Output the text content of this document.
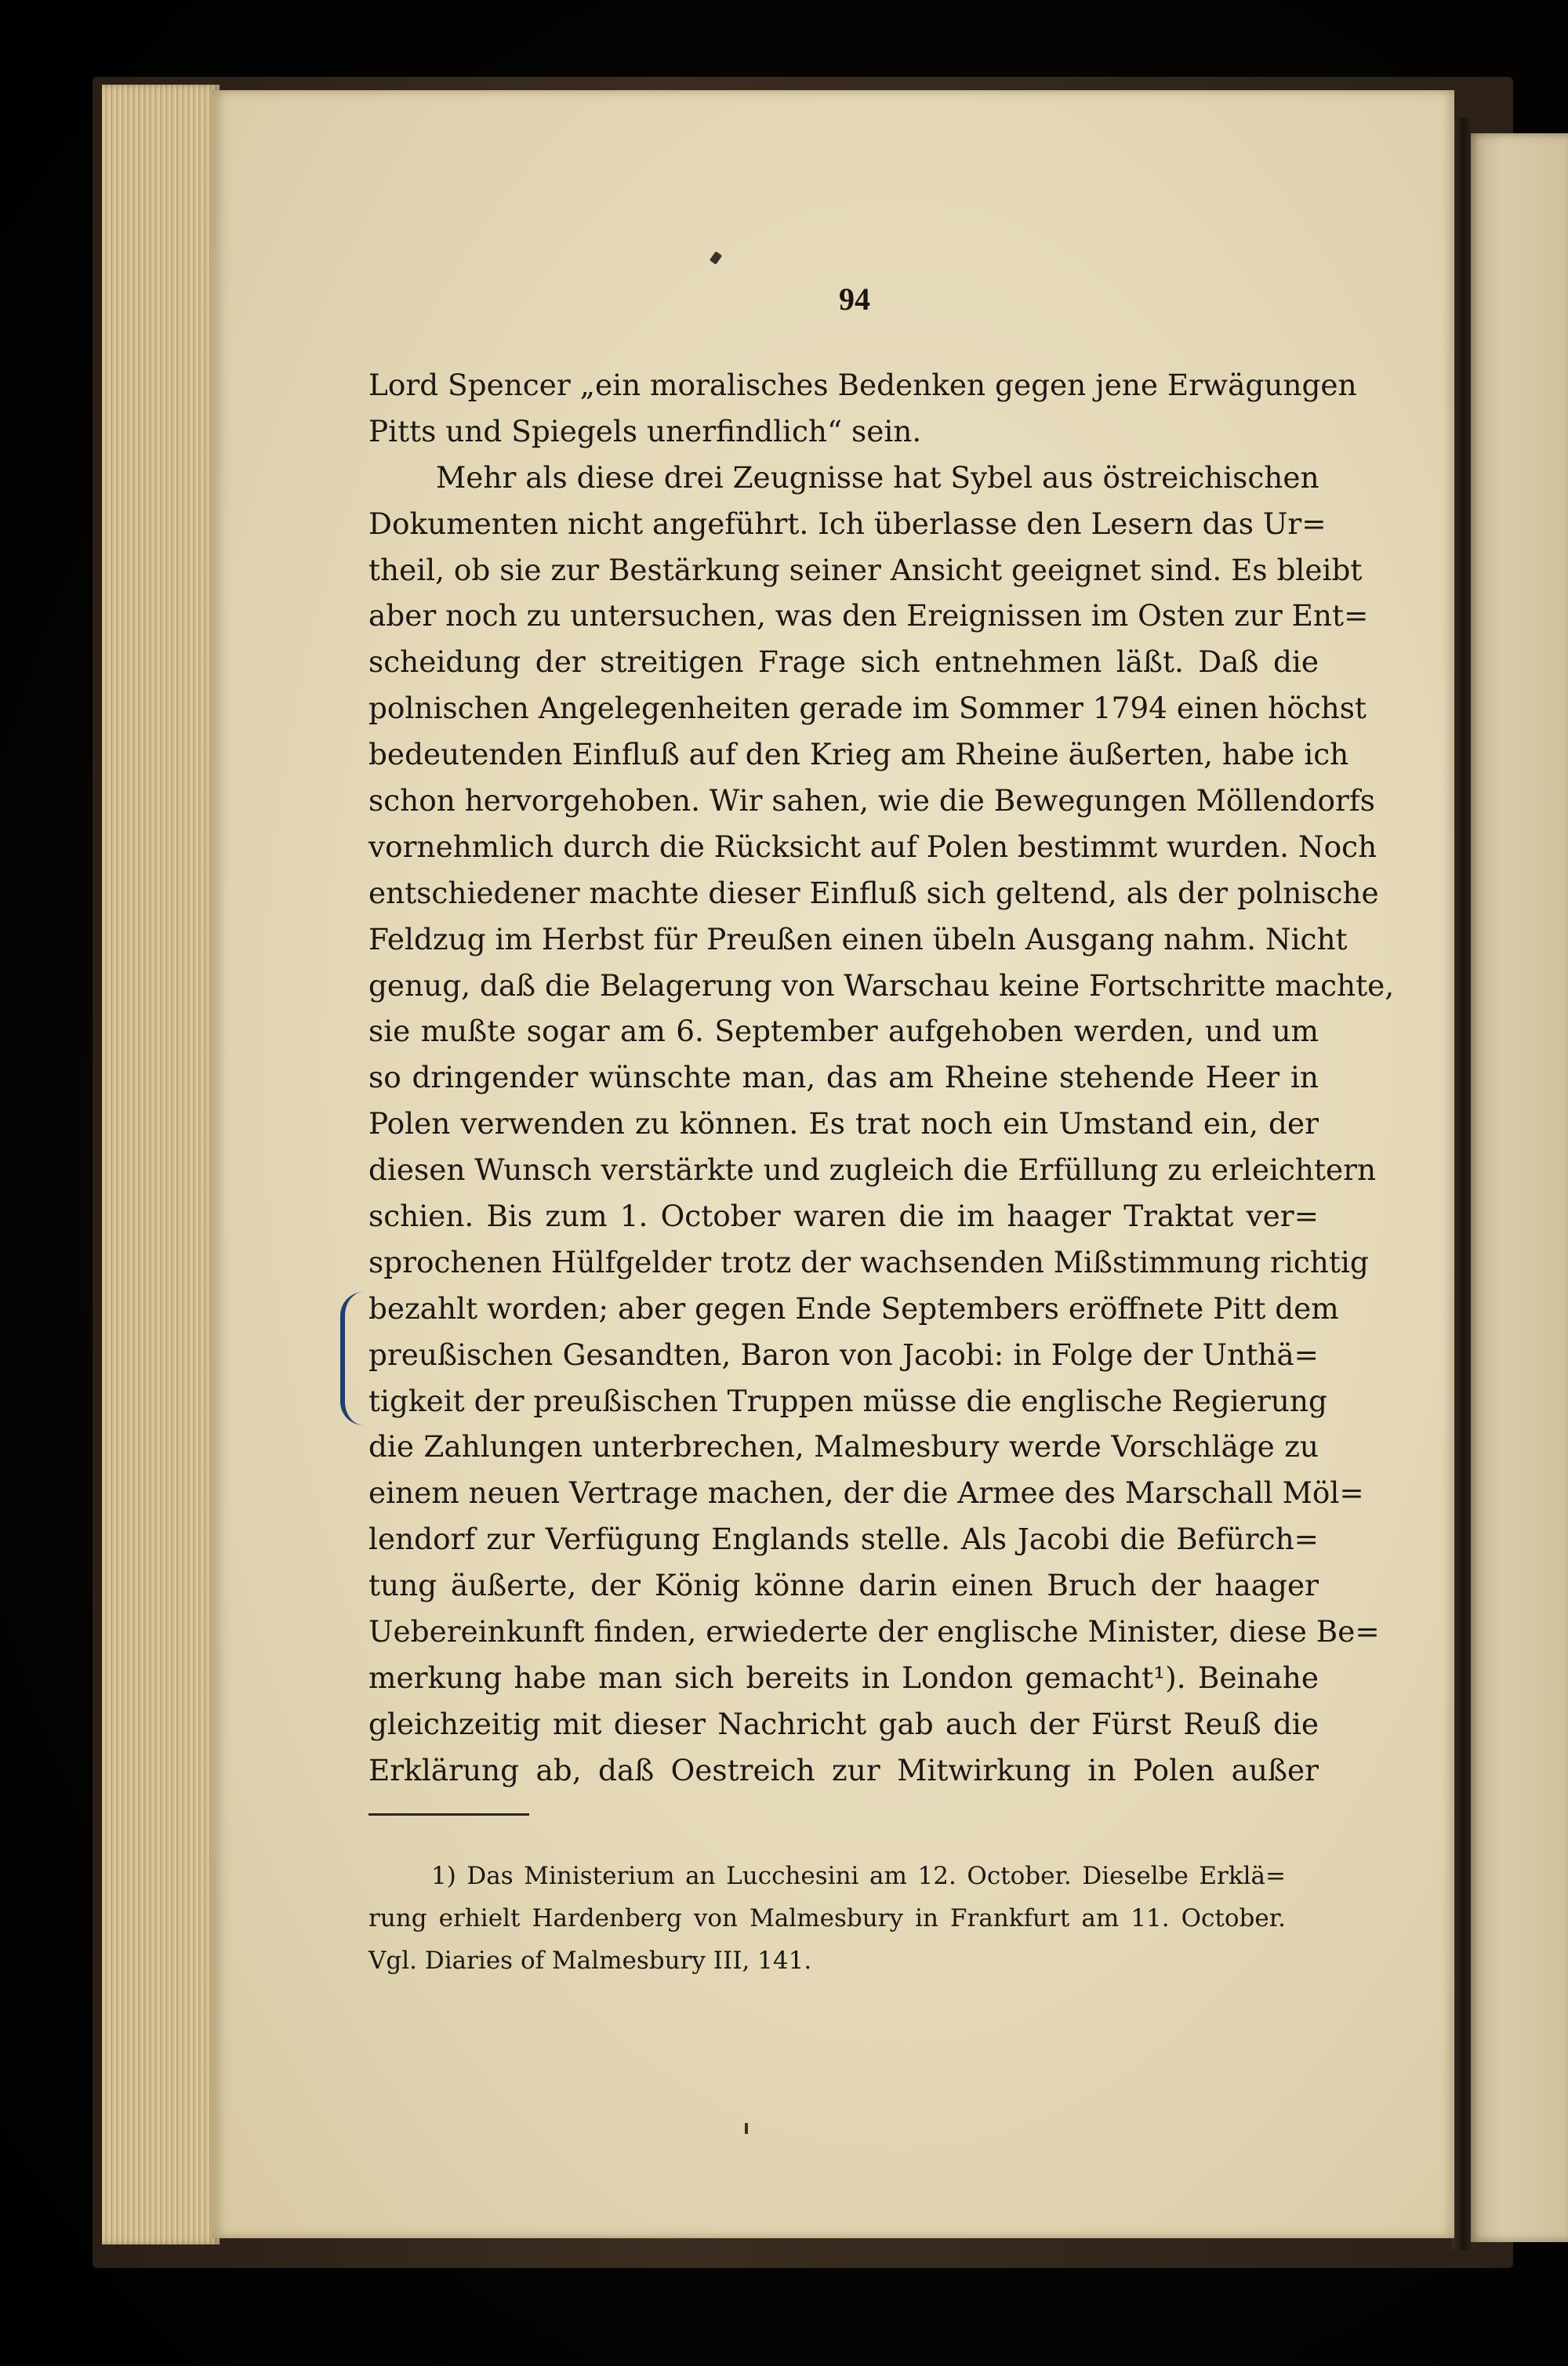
94
Lord Spencer „ein moralisches Bedenken gegen jene Erwägungen
Pitts und Spiegels unerfindlich“ sein.
Mehr als diese drei Zeugnisse hat Sybel aus östreichischen
Dokumenten nicht angeführt. Ich überlasse den Lesern das Ur=
theil, ob sie zur Bestärkung seiner Ansicht geeignet sind. Es bleibt
aber noch zu untersuchen, was den Ereignissen im Osten zur Ent=
scheidung der streitigen Frage sich entnehmen läßt. Daß die
polnischen Angelegenheiten gerade im Sommer 1794 einen höchst
bedeutenden Einfluß auf den Krieg am Rheine äußerten, habe ich
schon hervorgehoben. Wir sahen, wie die Bewegungen Möllendorfs
vornehmlich durch die Rücksicht auf Polen bestimmt wurden. Noch
entschiedener machte dieser Einfluß sich geltend, als der polnische
Feldzug im Herbst für Preußen einen übeln Ausgang nahm. Nicht
genug, daß die Belagerung von Warschau keine Fortschritte machte,
sie mußte sogar am 6. September aufgehoben werden, und um
so dringender wünschte man, das am Rheine stehende Heer in
Polen verwenden zu können. Es trat noch ein Umstand ein, der
diesen Wunsch verstärkte und zugleich die Erfüllung zu erleichtern
schien. Bis zum 1. October waren die im haager Traktat ver=
sprochenen Hülfgelder trotz der wachsenden Mißstimmung richtig
bezahlt worden; aber gegen Ende Septembers eröffnete Pitt dem
preußischen Gesandten, Baron von Jacobi: in Folge der Unthä=
tigkeit der preußischen Truppen müsse die englische Regierung
die Zahlungen unterbrechen, Malmesbury werde Vorschläge zu
einem neuen Vertrage machen, der die Armee des Marschall Möl=
lendorf zur Verfügung Englands stelle. Als Jacobi die Befürch=
tung äußerte, der König könne darin einen Bruch der haager
Uebereinkunft finden, erwiederte der englische Minister, diese Be=
merkung habe man sich bereits in London gemacht¹). Beinahe
gleichzeitig mit dieser Nachricht gab auch der Fürst Reuß die
Erklärung ab, daß Oestreich zur Mitwirkung in Polen außer
1) Das Ministerium an Lucchesini am 12. October. Dieselbe Erklä=
rung erhielt Hardenberg von Malmesbury in Frankfurt am 11. October.
Vgl. Diaries of Malmesbury III, 141.
